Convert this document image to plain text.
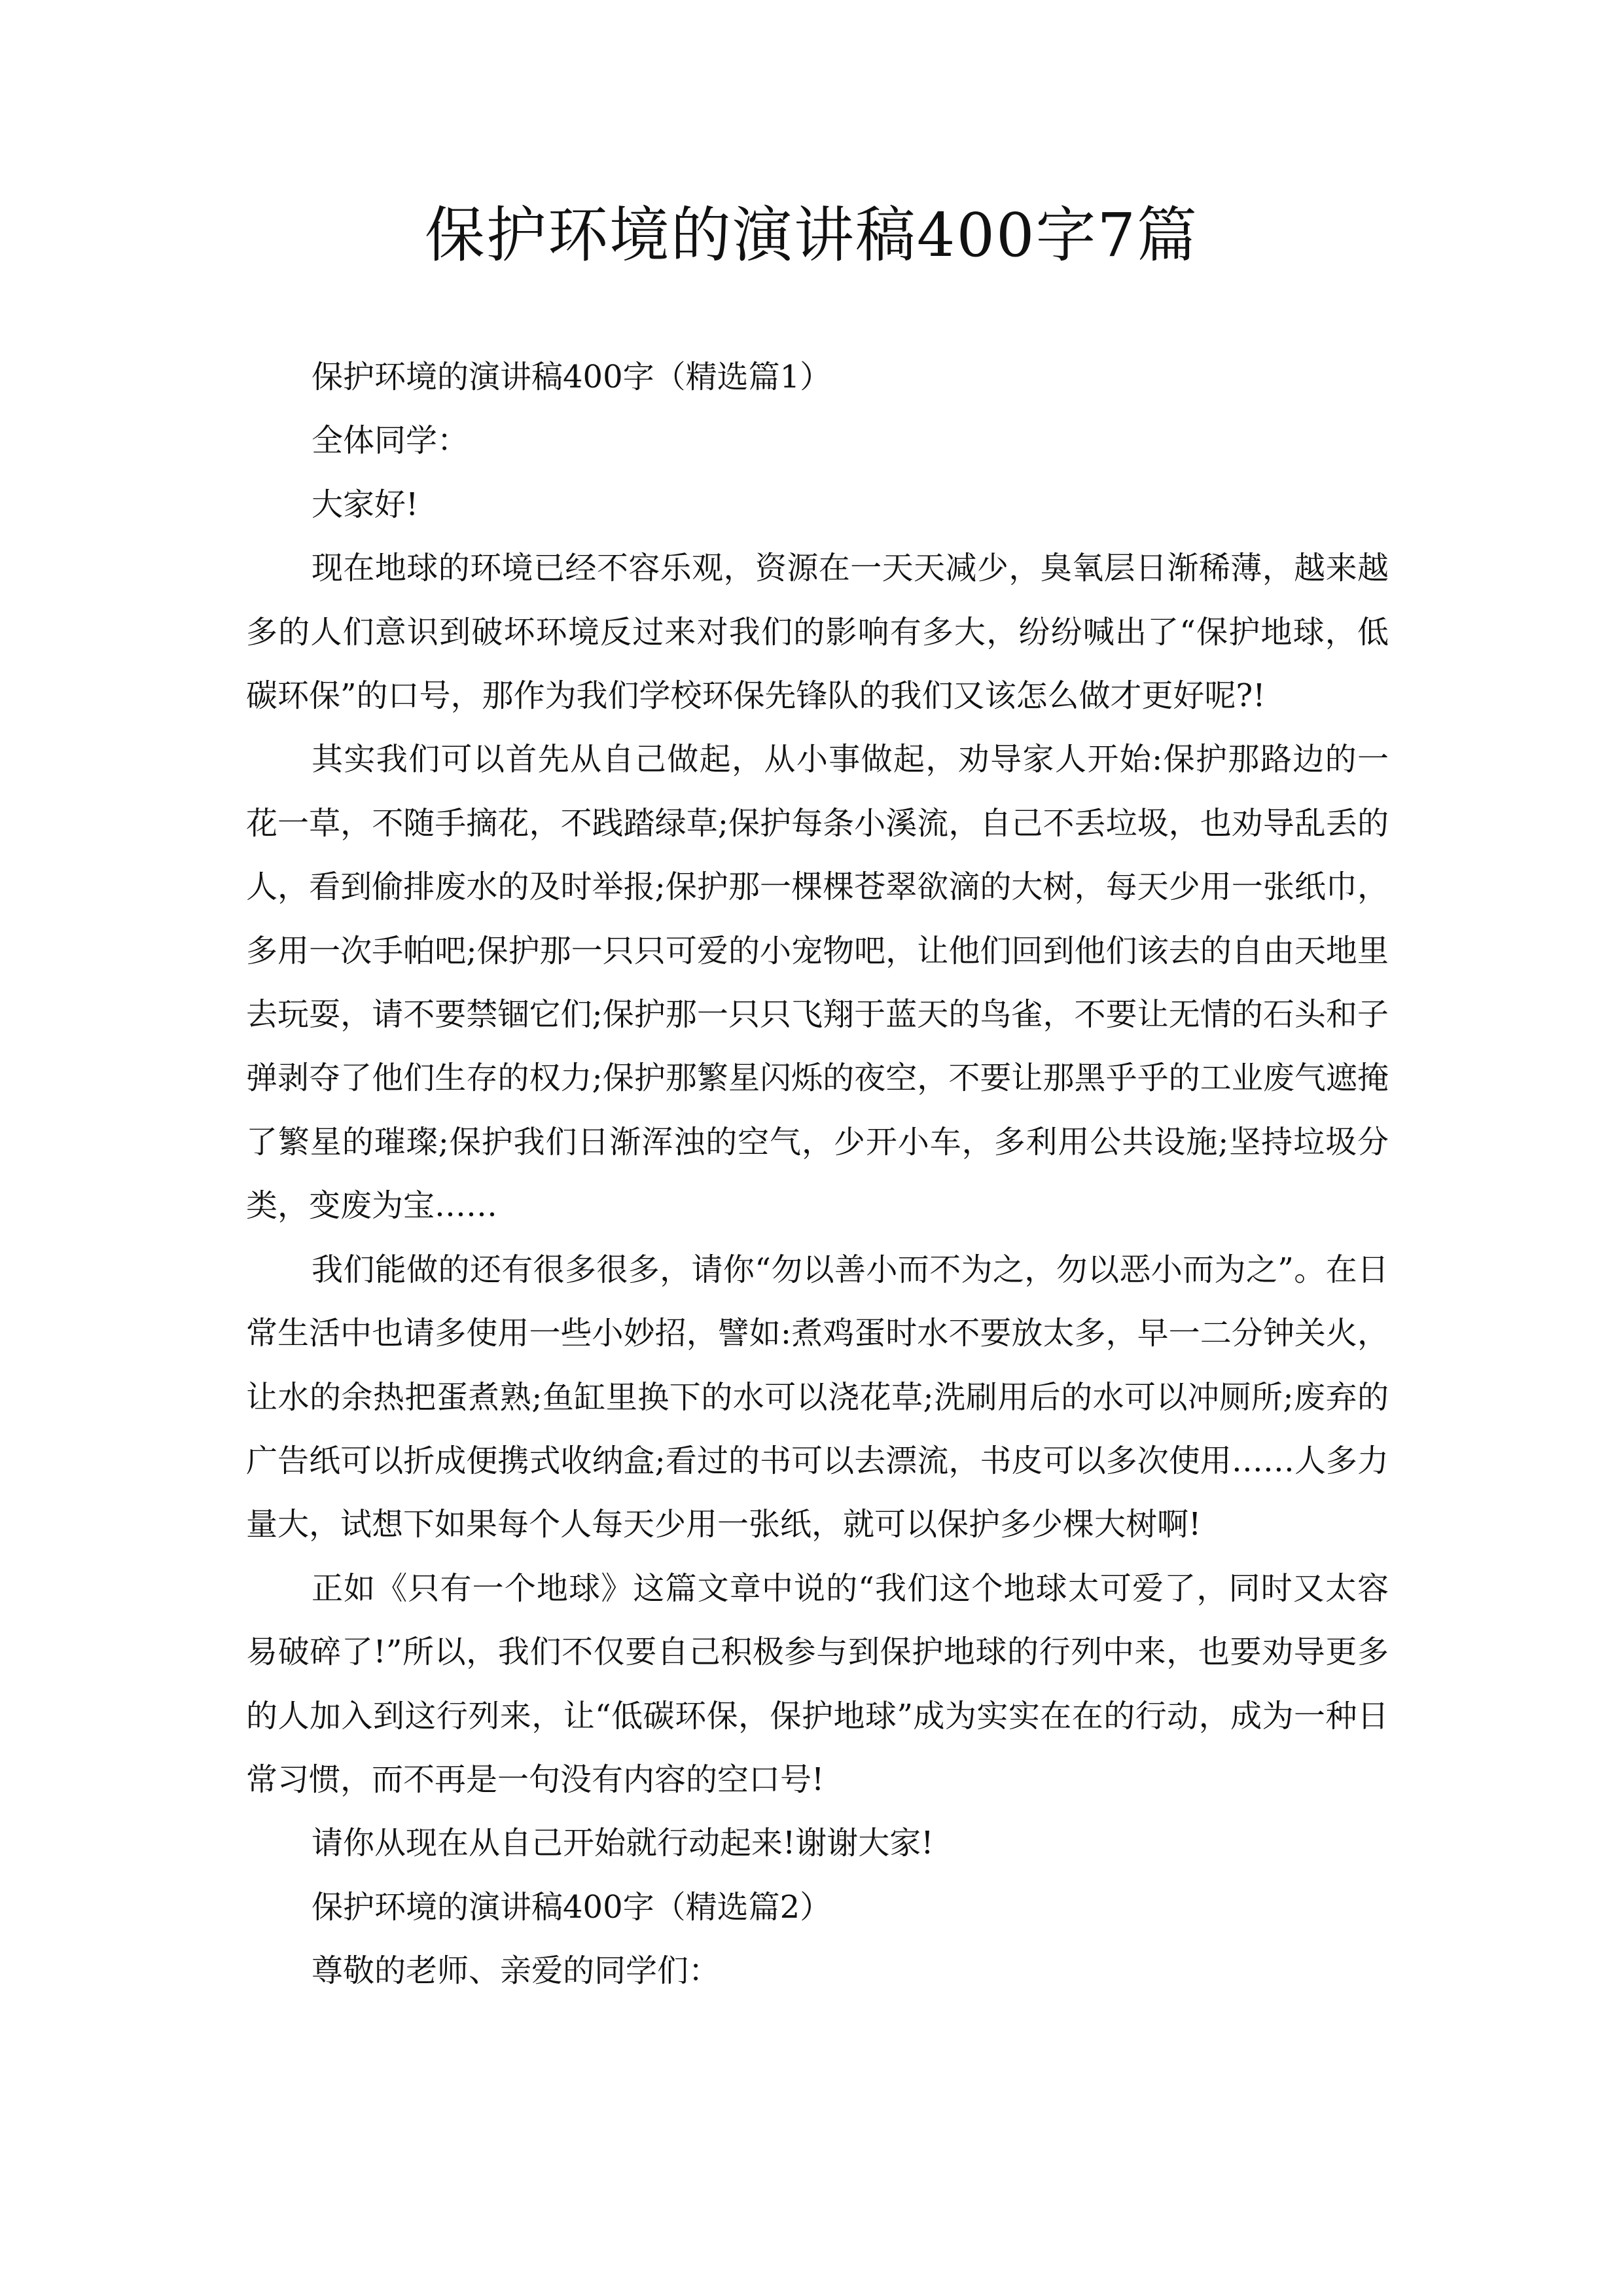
保护环境的演讲稿400字7篇

保护环境的演讲稿400字（精选篇1）

全体同学：

大家好!

现在地球的环境已经不容乐观，资源在一天天减少，臭氧层日渐稀薄，越来越多的人们意识到破坏环境反过来对我们的影响有多大，纷纷喊出了“保护地球，低碳环保”的口号，那作为我们学校环保先锋队的我们又该怎么做才更好呢?!

其实我们可以首先从自己做起，从小事做起，劝导家人开始:保护那路边的一花一草，不随手摘花，不践踏绿草;保护每条小溪流，自己不丢垃圾，也劝导乱丢的人，看到偷排废水的及时举报;保护那一棵棵苍翠欲滴的大树，每天少用一张纸巾，多用一次手帕吧;保护那一只只可爱的小宠物吧，让他们回到他们该去的自由天地里去玩耍，请不要禁锢它们;保护那一只只飞翔于蓝天的鸟雀，不要让无情的石头和子弹剥夺了他们生存的权力;保护那繁星闪烁的夜空，不要让那黑乎乎的工业废气遮掩了繁星的璀璨;保护我们日渐浑浊的空气，少开小车，多利用公共设施;坚持垃圾分类，变废为宝……

我们能做的还有很多很多，请你“勿以善小而不为之，勿以恶小而为之”。在日常生活中也请多使用一些小妙招，譬如:煮鸡蛋时水不要放太多，早一二分钟关火，让水的余热把蛋煮熟;鱼缸里换下的水可以浇花草;洗刷用后的水可以冲厕所;废弃的广告纸可以折成便携式收纳盒;看过的书可以去漂流，书皮可以多次使用……人多力量大，试想下如果每个人每天少用一张纸，就可以保护多少棵大树啊!

正如《只有一个地球》这篇文章中说的“我们这个地球太可爱了，同时又太容易破碎了!”所以，我们不仅要自己积极参与到保护地球的行列中来，也要劝导更多的人加入到这行列来，让“低碳环保，保护地球”成为实实在在的行动，成为一种日常习惯，而不再是一句没有内容的空口号!

请你从现在从自己开始就行动起来!谢谢大家!

保护环境的演讲稿400字（精选篇2）

尊敬的老师、亲爱的同学们：
